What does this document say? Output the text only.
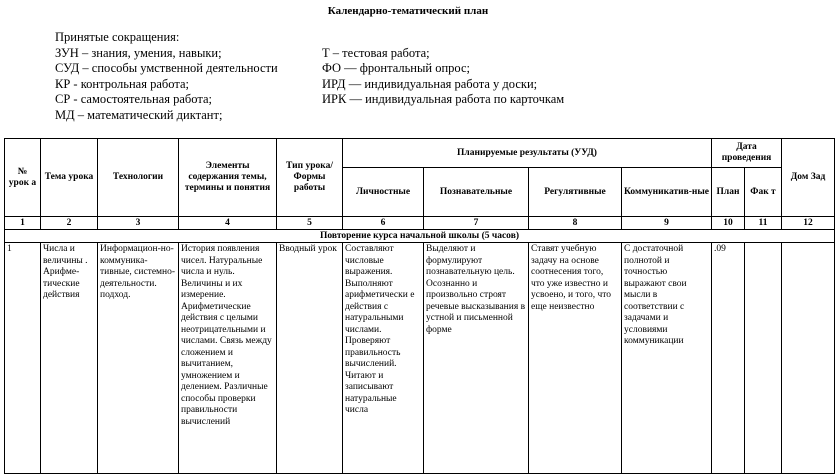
Календарно-тематический план
Принятые сокращения:
ЗУН – знания, умения, навыки;
СУД – способы умственной деятельности
КР - контрольная работа;
СР - самостоятельная работа;
МД – математический диктант;
Т – тестовая работа;
ФО — фронтальный опрос;
ИРД — индивидуальная работа у доски;
ИРК — индивидуальная работа по карточкам
№ урок а	Тема урока	Технологии	Элементы содержания темы, термины и понятия	Тип урока/ Формы работы	Планируемые результаты (УУД)				Дата проведения		Дом Зад
					Личностные	Познавательные	Регулятивные	Коммуникатив-ные	План	Фак т	
1	2	3	4	5	6	7	8	9	10	11	12
Повторение курса начальной школы (5 часов)											
1	Числа и величины . Арифме-тические действия	Информацион-но-коммуника-тивные, системно-деятельности. подход.	История появления чисел. Натуральные числа и нуль. Величины и их измерение. Арифметические действия с целыми неотрицательными и числами. Связь между сложением и вычитанием, умножением и делением. Различные способы проверки правильности вычислений	Вводный урок	Составляют числовые выражения. Выполняют арифметически е действия с натуральными числами. Проверяют правильность вычислений. Читают и записывают натуральные числа	Выделяют и формулируют познавательную цель. Осознанно и произвольно строят речевые высказывания в устной и письменной форме	Ставят учебную задачу на основе соотнесения того, что уже известно и усвоено, и того, что еще неизвестно	С достаточной полнотой и точностью выражают свои мысли в соответствии с задачами и условиями коммуникации	.09		
